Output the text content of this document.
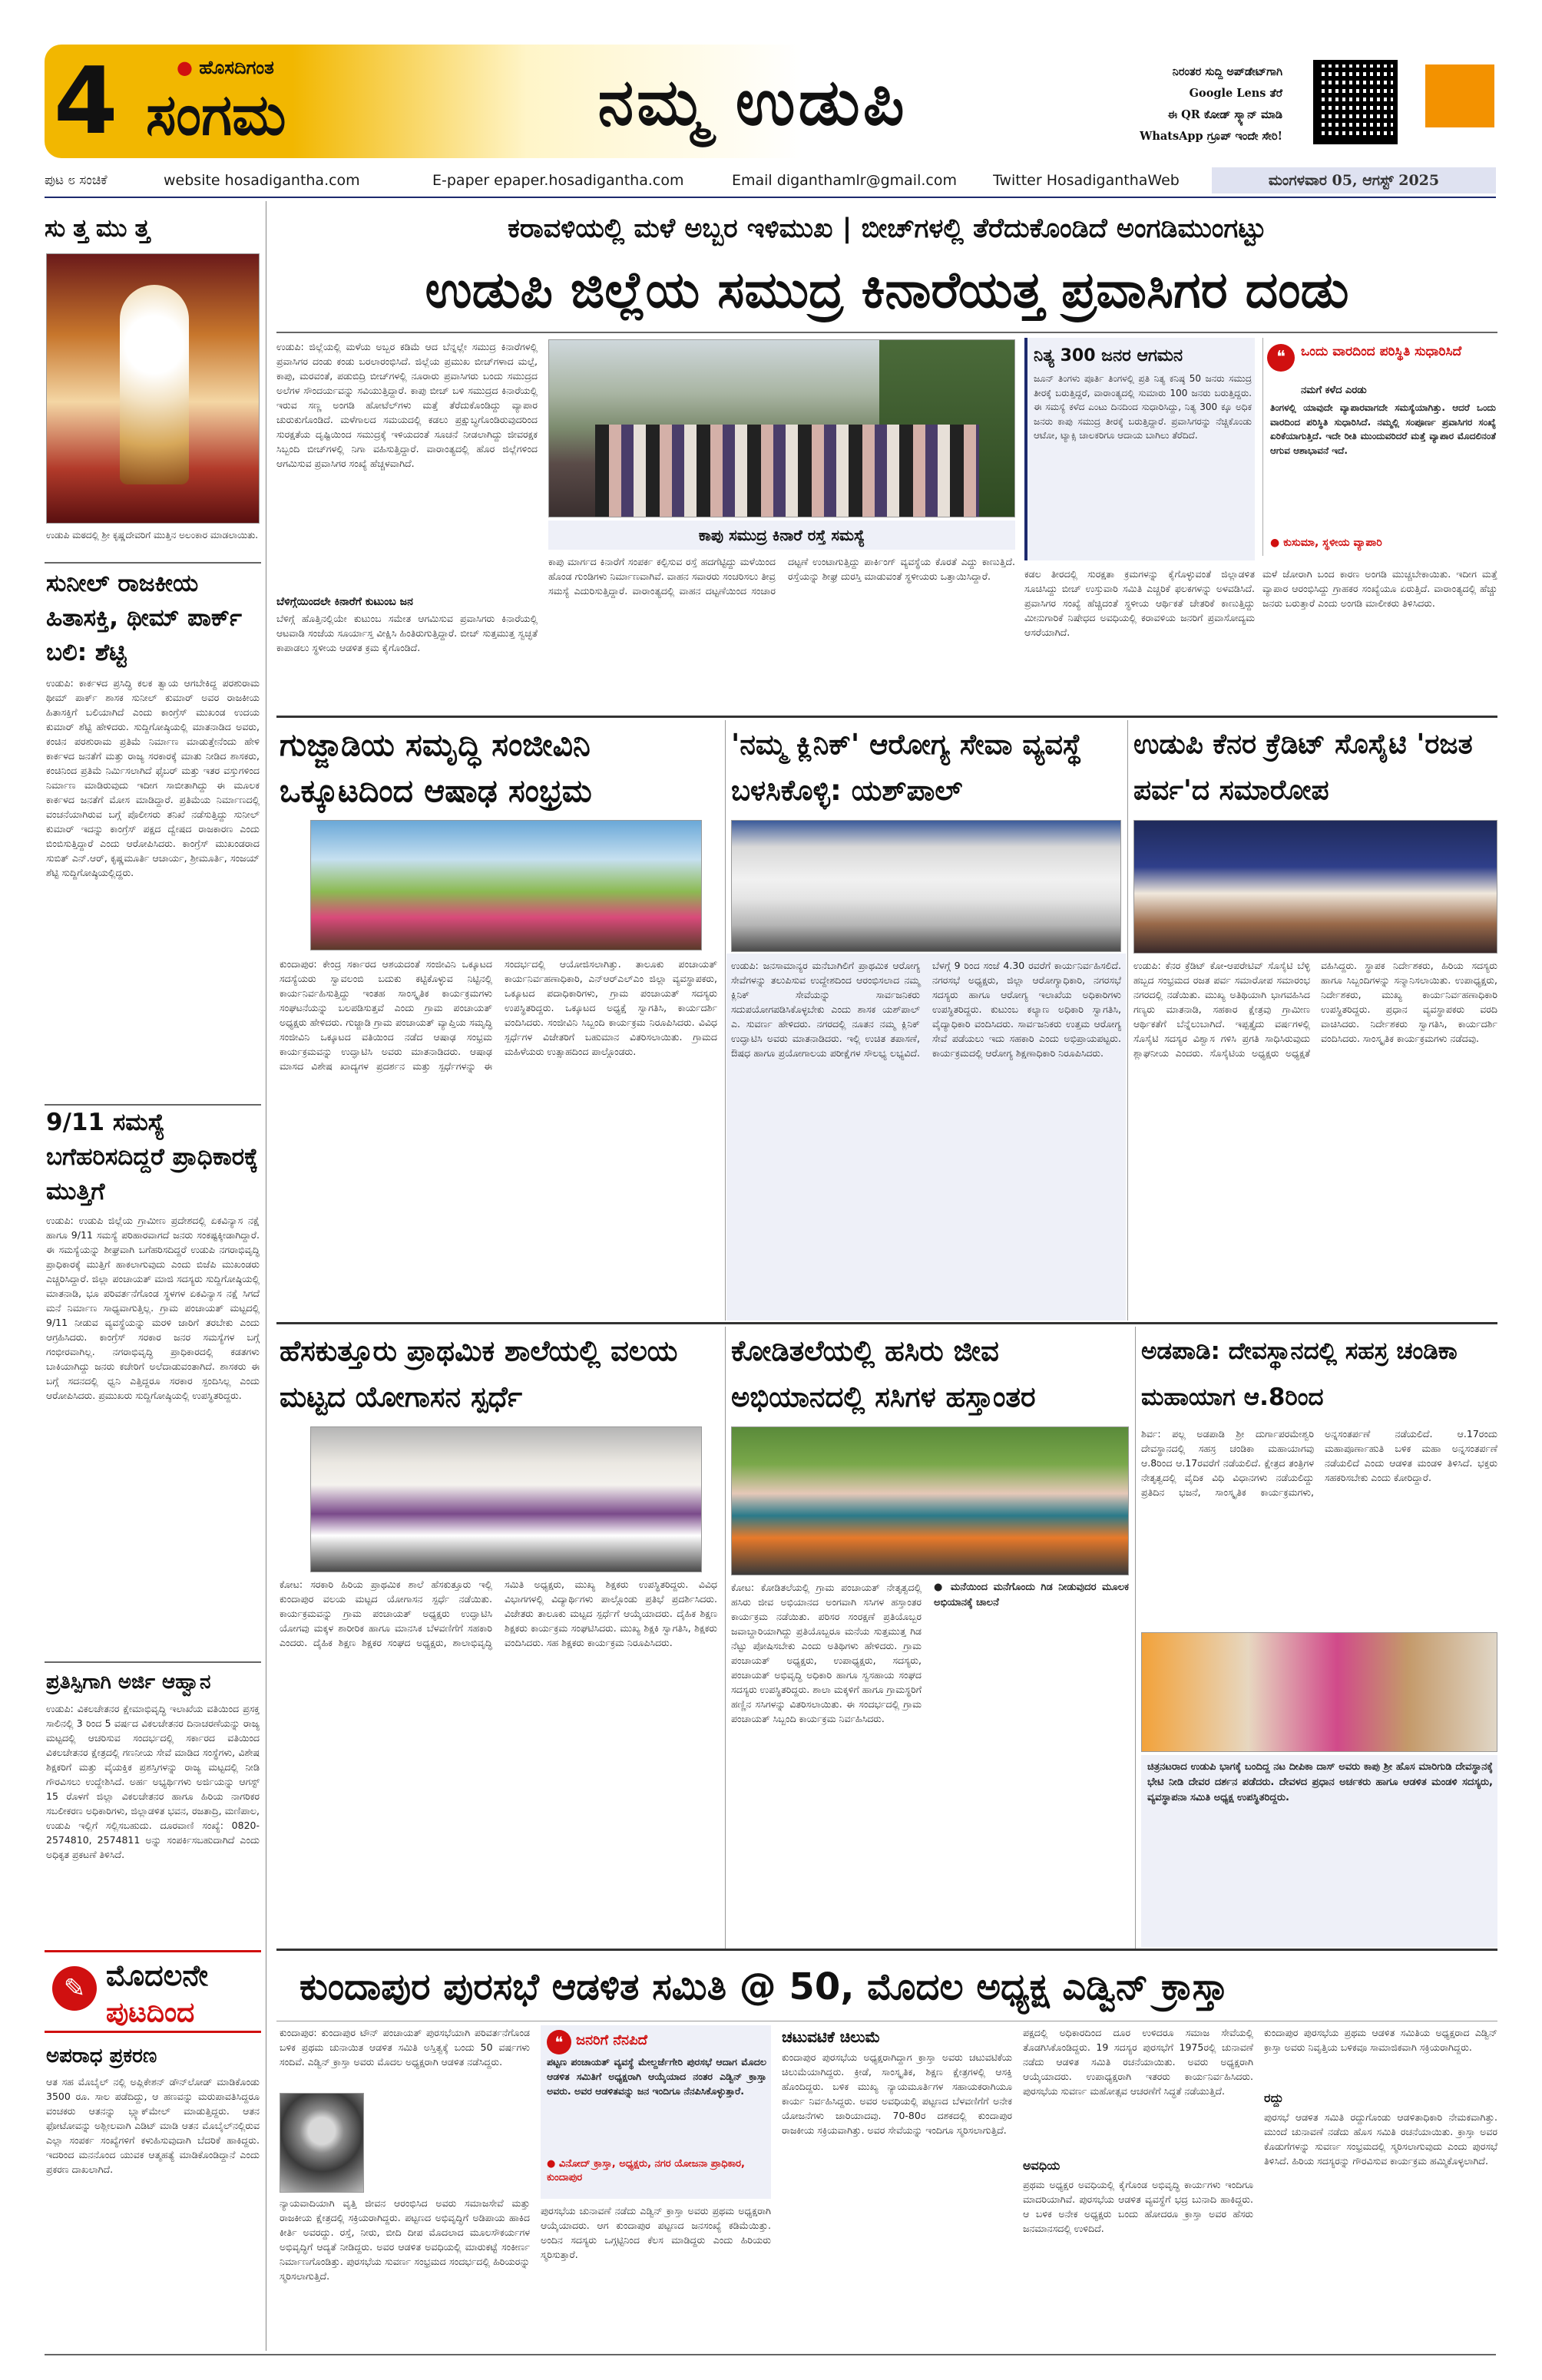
4	● ಹೊಸದಿಗಂತ
ಸಂಗಮ	ನಮ್ಮ ಉಡುಪಿ	ನಿರಂತರ ಸುದ್ದಿ ಅಪ್‌ಡೇಟ್‌ಗಾಗಿ
Google Lens ತೆರೆ
ಈ QR ಕೋಡ್ ಸ್ಕ್ಯಾನ್ ಮಾಡಿ
WhatsApp ಗ್ರೂಪ್ ಇಂದೇ ಸೇರಿ!
ಪುಟ ೮ ಸಂಚಿಕೆ	website hosadigantha.com	E-paper epaper.hosadigantha.com	Email diganthamlr@gmail.com	Twitter HosadiganthaWeb	ಮಂಗಳವಾರ 05, ಆಗಸ್ಟ್ 2025
ಸುತ್ತಮುತ್ತ
ಉಡುಪಿ ಮಠದಲ್ಲಿ ಶ್ರೀ ಕೃಷ್ಣದೇವರಿಗೆ ಮುತ್ತಿನ ಅಲಂಕಾರ ಮಾಡಲಾಯಿತು.
ಸುನೀಲ್ ರಾಜಕೀಯ ಹಿತಾಸಕ್ತಿ, ಥೀಮ್ ಪಾರ್ಕ್ ಬಲಿ: ಶೆಟ್ಟಿ
ಉಡುಪಿ: ಕಾರ್ಕಳದ ಪ್ರಸಿದ್ಧಿ ಕಲಕ ತ್ವಾಯ ಆಗಬೇಕಿದ್ದ ಪರಶುರಾಮ ಥೀಮ್ ಪಾರ್ಕ್ ಶಾಸಕ ಸುನೀಲ್ ಕುಮಾರ್ ಅವರ ರಾಜಕೀಯ ಹಿತಾಸಕ್ತಿಗೆ ಬಲಿಯಾಗಿದೆ ಎಂದು ಕಾಂಗ್ರೆಸ್ ಮುಖಂಡ ಉದಯ ಕುಮಾರ್ ಶೆಟ್ಟಿ ಹೇಳಿದರು. ಸುದ್ದಿಗೋಷ್ಠಿಯಲ್ಲಿ ಮಾತನಾಡಿದ ಅವರು, ಕಂಚಿನ ಪರಶುರಾಮ ಪ್ರತಿಮೆ ನಿರ್ಮಾಣ ಮಾಡುತ್ತೇನೆಂದು ಹೇಳಿ ಕಾರ್ಕಳದ ಜನತೆಗೆ ಮತ್ತು ರಾಜ್ಯ ಸರಕಾರಕ್ಕೆ ಮಾತು ನೀಡಿದ ಶಾಸಕರು, ಕಂಚಿನಿಂದ ಪ್ರತಿಮೆ ನಿರ್ಮಿಸಲಾಗಿದೆ ಫೈಬರ್ ಮತ್ತು ಇತರ ವಸ್ತುಗಳಿಂದ ನಿರ್ಮಾಣ ಮಾಡಿರುವುದು ಇದೀಗ ಸಾಬೀತಾಗಿದ್ದು ಈ ಮೂಲಕ ಕಾರ್ಕಳದ ಜನತೆಗೆ ಮೋಸ ಮಾಡಿದ್ದಾರೆ. ಪ್ರತಿಮೆಯ ನಿರ್ಮಾಣದಲ್ಲಿ ವಂಚನೆಯಾಗಿರುವ ಬಗ್ಗೆ ಪೊಲೀಸರು ತನಿಖೆ ನಡೆಸುತ್ತಿದ್ದು ಸುನೀಲ್ ಕುಮಾರ್ ಇದನ್ನು ಕಾಂಗ್ರೆಸ್ ಪಕ್ಷದ ದ್ವೇಷದ ರಾಜಕಾರಣ ಎಂದು ಬಿಂಬಿಸುತ್ತಿದ್ದಾರೆ ಎಂದು ಆರೋಪಿಸಿದರು. ಕಾಂಗ್ರೆಸ್ ಮುಖಂಡರಾದ ಸುಬಿತ್ ಎನ್.ಆರ್, ಕೃಷ್ಣಮೂರ್ತಿ ಆಚಾರ್ಯ, ಶ್ರೀಮೂರ್ತಿ, ಸಂಜಯ್ ಶೆಟ್ಟಿ ಸುದ್ದಿಗೋಷ್ಠಿಯಲ್ಲಿದ್ದರು.
9/11 ಸಮಸ್ಯೆ ಬಗೆಹರಿಸದಿದ್ದರೆ ಪ್ರಾಧಿಕಾರಕ್ಕೆ ಮುತ್ತಿಗೆ
ಉಡುಪಿ: ಉಡುಪಿ ಜಿಲ್ಲೆಯ ಗ್ರಾಮೀಣ ಪ್ರದೇಶದಲ್ಲಿ ಏಕವಿನ್ಯಾಸ ನಕ್ಷೆ ಹಾಗೂ 9/11 ಸಮಸ್ಯೆ ಪರಿಹಾರವಾಗದೆ ಜನರು ಸಂಕಷ್ಟಕ್ಕೀಡಾಗಿದ್ದಾರೆ. ಈ ಸಮಸ್ಯೆಯನ್ನು ಶೀಘ್ರವಾಗಿ ಬಗೆಹರಿಸದಿದ್ದರೆ ಉಡುಪಿ ನಗರಾಭಿವೃದ್ಧಿ ಪ್ರಾಧಿಕಾರಕ್ಕೆ ಮುತ್ತಿಗೆ ಹಾಕಲಾಗುವುದು ಎಂದು ಬಿಜೆಪಿ ಮುಖಂಡರು ಎಚ್ಚರಿಸಿದ್ದಾರೆ. ಜಿಲ್ಲಾ ಪಂಚಾಯತ್ ಮಾಜಿ ಸದಸ್ಯರು ಸುದ್ದಿಗೋಷ್ಠಿಯಲ್ಲಿ ಮಾತನಾಡಿ, ಭೂ ಪರಿವರ್ತನೆಗೊಂಡ ಸ್ಥಳಗಳ ಏಕವಿನ್ಯಾಸ ನಕ್ಷೆ ಸಿಗದೆ ಮನೆ ನಿರ್ಮಾಣ ಸಾಧ್ಯವಾಗುತ್ತಿಲ್ಲ. ಗ್ರಾಮ ಪಂಚಾಯತ್ ಮಟ್ಟದಲ್ಲಿ 9/11 ನೀಡುವ ವ್ಯವಸ್ಥೆಯನ್ನು ಮರಳಿ ಜಾರಿಗೆ ತರಬೇಕು ಎಂದು ಆಗ್ರಹಿಸಿದರು. ಕಾಂಗ್ರೆಸ್ ಸರಕಾರ ಜನರ ಸಮಸ್ಯೆಗಳ ಬಗ್ಗೆ ಗಂಭೀರವಾಗಿಲ್ಲ. ನಗರಾಭಿವೃದ್ಧಿ ಪ್ರಾಧಿಕಾರದಲ್ಲಿ ಕಡತಗಳು ಬಾಕಿಯಾಗಿದ್ದು ಜನರು ಕಚೇರಿಗೆ ಅಲೆದಾಡುವಂತಾಗಿದೆ. ಶಾಸಕರು ಈ ಬಗ್ಗೆ ಸದನದಲ್ಲಿ ಧ್ವನಿ ಎತ್ತಿದ್ದರೂ ಸರಕಾರ ಸ್ಪಂದಿಸಿಲ್ಲ ಎಂದು ಆರೋಪಿಸಿದರು. ಪ್ರಮುಖರು ಸುದ್ದಿಗೋಷ್ಠಿಯಲ್ಲಿ ಉಪಸ್ಥಿತರಿದ್ದರು.
ಪ್ರತಿಸ್ಪಿಗಾಗಿ ಅರ್ಜಿ ಆಹ್ವಾನ
ಉಡುಪಿ: ವಿಕಲಚೇತನರ ಕ್ಷೇಮಾಭಿವೃದ್ಧಿ ಇಲಾಖೆಯ ವತಿಯಿಂದ ಪ್ರಸಕ್ತ ಸಾಲಿನಲ್ಲಿ 3 ರಿಂದ 5 ವರ್ಷದ ವಿಕಲಚೇತನರ ದಿನಾಚರಣೆಯನ್ನು ರಾಜ್ಯ ಮಟ್ಟದಲ್ಲಿ ಆಚರಿಸುವ ಸಂದರ್ಭದಲ್ಲಿ ಸರ್ಕಾರದ ವತಿಯಿಂದ ವಿಕಲಚೇತನರ ಕ್ಷೇತ್ರದಲ್ಲಿ ಗಣನೀಯ ಸೇವೆ ಮಾಡಿದ ಸಂಸ್ಥೆಗಳು, ವಿಶೇಷ ಶಿಕ್ಷಕರಿಗೆ ಮತ್ತು ವೈಯಕ್ತಿಕ ಪ್ರಶಸ್ತಿಗಳನ್ನು ರಾಜ್ಯ ಮಟ್ಟದಲ್ಲಿ ನೀಡಿ ಗೌರವಿಸಲು ಉದ್ದೇಶಿಸಿದೆ. ಅರ್ಹ ಅಭ್ಯರ್ಥಿಗಳು ಅರ್ಜಿಯನ್ನು ಆಗಸ್ಟ್ 15 ರೊಳಗೆ ಜಿಲ್ಲಾ ವಿಕಲಚೇತನರ ಹಾಗೂ ಹಿರಿಯ ನಾಗರಿಕರ ಸಬಲೀಕರಣ ಅಧಿಕಾರಿಗಳು, ಜಿಲ್ಲಾಡಳಿತ ಭವನ, ರಜತಾದ್ರಿ, ಮಣಿಪಾಲ, ಉಡುಪಿ ಇಲ್ಲಿಗೆ ಸಲ್ಲಿಸಬಹುದು. ದೂರವಾಣಿ ಸಂಖ್ಯೆ: 0820-2574810, 2574811 ಅನ್ನು ಸಂಪರ್ಕಿಸಬಹುದಾಗಿದೆ ಎಂದು ಅಧಿಕೃತ ಪ್ರಕಟಣೆ ತಿಳಿಸಿದೆ.
✎ ಮೊದಲನೇ
ಪುಟದಿಂದ
ಅಪರಾಧ ಪ್ರಕರಣ
ಆತ ಸಹ ಮೊಬೈಲ್ ನಲ್ಲಿ ಅಪ್ಲಿಕೇಶನ್ ಡೌನ್‌ಲೋಡ್ ಮಾಡಿಕೊಂಡು 3500 ರೂ. ಸಾಲ ಪಡೆದಿದ್ದು, ಆ ಹಣವನ್ನು ಮರುಪಾವತಿಸಿದ್ದರೂ ವಂಚಕರು ಆತನನ್ನು ಬ್ಲ್ಯಾಕ್‌ಮೇಲ್ ಮಾಡುತ್ತಿದ್ದರು. ಆತನ ಫೋಟೋವನ್ನು ಅಶ್ಲೀಲವಾಗಿ ಎಡಿಟ್ ಮಾಡಿ ಆತನ ಮೊಬೈಲ್‌ನಲ್ಲಿರುವ ಎಲ್ಲಾ ಸಂಪರ್ಕ ಸಂಖ್ಯೆಗಳಿಗೆ ಕಳುಹಿಸುವುದಾಗಿ ಬೆದರಿಕೆ ಹಾಕಿದ್ದರು. ಇದರಿಂದ ಮನನೊಂದ ಯುವಕ ಆತ್ಮಹತ್ಯೆ ಮಾಡಿಕೊಂಡಿದ್ದಾನೆ ಎಂದು ಪ್ರಕರಣ ದಾಖಲಾಗಿದೆ.
ಕರಾವಳಿಯಲ್ಲಿ ಮಳೆ ಅಬ್ಬರ ಇಳಿಮುಖ | ಬೀಚ್‌ಗಳಲ್ಲಿ ತೆರೆದುಕೊಂಡಿದೆ ಅಂಗಡಿಮುಂಗಟ್ಟು
ಉಡುಪಿ ಜಿಲ್ಲೆಯ ಸಮುದ್ರ ಕಿನಾರೆಯತ್ತ ಪ್ರವಾಸಿಗರ ದಂಡು
ಉಡುಪಿ: ಜಿಲ್ಲೆಯಲ್ಲಿ ಮಳೆಯ ಅಬ್ಬರ ಕಡಿಮೆ ಆದ ಬೆನ್ನಲ್ಲೇ ಸಮುದ್ರ ಕಿನಾರೆಗಳಲ್ಲಿ ಪ್ರವಾಸಿಗರ ದಂಡು ಕಂಡು ಬರಲಾರಂಭಿಸಿದೆ. ಜಿಲ್ಲೆಯ ಪ್ರಮುಖ ಬೀಚ್‌ಗಳಾದ ಮಲ್ಪೆ, ಕಾಪು, ಮರವಂತೆ, ಪಡುಬಿದ್ರಿ ಬೀಚ್‌ಗಳಲ್ಲಿ ನೂರಾರು ಪ್ರವಾಸಿಗರು ಬಂದು ಸಮುದ್ರದ ಅಲೆಗಳ ಸೌಂದರ್ಯವನ್ನು ಸವಿಯುತ್ತಿದ್ದಾರೆ. ಕಾಪು ಬೀಚ್ ಬಳಿ ಸಮುದ್ರದ ಕಿನಾರೆಯಲ್ಲಿ ಇರುವ ಸಣ್ಣ ಅಂಗಡಿ ಹೋಟೆಲ್‌ಗಳು ಮತ್ತೆ ತೆರೆದುಕೊಂಡಿದ್ದು ವ್ಯಾಪಾರ ಚುರುಕುಗೊಂಡಿದೆ. ಮಳೆಗಾಲದ ಸಮಯದಲ್ಲಿ ಕಡಲು ಪ್ರಕ್ಷುಬ್ಧಗೊಂಡಿರುವುದರಿಂದ ಸುರಕ್ಷತೆಯ ದೃಷ್ಟಿಯಿಂದ ಸಮುದ್ರಕ್ಕೆ ಇಳಿಯದಂತೆ ಸೂಚನೆ ನೀಡಲಾಗಿದ್ದು ಜೀವರಕ್ಷಕ ಸಿಬ್ಬಂದಿ ಬೀಚ್‌ಗಳಲ್ಲಿ ನಿಗಾ ವಹಿಸುತ್ತಿದ್ದಾರೆ. ವಾರಾಂತ್ಯದಲ್ಲಿ ಹೊರ ಜಿಲ್ಲೆಗಳಿಂದ ಆಗಮಿಸುವ ಪ್ರವಾಸಿಗರ ಸಂಖ್ಯೆ ಹೆಚ್ಚಳವಾಗಿದೆ.
ಬೆಳಿಗ್ಗೆಯಿಂದಲೇ ಕಿನಾರೆಗೆ ಕುಟುಂಬ ಜನ
ಬೆಳಿಗ್ಗೆ ಹೊತ್ತಿನಲ್ಲಿಯೇ ಕುಟುಂಬ ಸಮೇತ ಆಗಮಿಸುವ ಪ್ರವಾಸಿಗರು ಕಿನಾರೆಯಲ್ಲಿ ಆಟವಾಡಿ ಸಂಜೆಯ ಸೂರ್ಯಾಸ್ತ ವೀಕ್ಷಿಸಿ ಹಿಂತಿರುಗುತ್ತಿದ್ದಾರೆ. ಬೀಚ್ ಸುತ್ತಮುತ್ತ ಸ್ವಚ್ಛತೆ ಕಾಪಾಡಲು ಸ್ಥಳೀಯ ಆಡಳಿತ ಕ್ರಮ ಕೈಗೊಂಡಿದೆ.
ಕಾಪು ಸಮುದ್ರ ಕಿನಾರೆ ರಸ್ತೆ ಸಮಸ್ಯೆ
ಕಾಪು ಮಾರ್ಗದ ಕಿನಾರೆಗೆ ಸಂಪರ್ಕ ಕಲ್ಪಿಸುವ ರಸ್ತೆ ಹದಗೆಟ್ಟಿದ್ದು ಮಳೆಯಿಂದ ಹೊಂಡ ಗುಂಡಿಗಳು ನಿರ್ಮಾಣವಾಗಿವೆ. ವಾಹನ ಸವಾರರು ಸಂಚರಿಸಲು ತೀವ್ರ ಸಮಸ್ಯೆ ಎದುರಿಸುತ್ತಿದ್ದಾರೆ. ವಾರಾಂತ್ಯದಲ್ಲಿ ವಾಹನ ದಟ್ಟಣೆಯಿಂದ ಸಂಚಾರ ದಟ್ಟಣೆ ಉಂಟಾಗುತ್ತಿದ್ದು ಪಾರ್ಕಿಂಗ್ ವ್ಯವಸ್ಥೆಯ ಕೊರತೆ ಎದ್ದು ಕಾಣುತ್ತಿದೆ. ರಸ್ತೆಯನ್ನು ಶೀಘ್ರ ದುರಸ್ತಿ ಮಾಡುವಂತೆ ಸ್ಥಳೀಯರು ಒತ್ತಾಯಿಸಿದ್ದಾರೆ.
ನಿತ್ಯ 300 ಜನರ ಆಗಮನ
ಜೂನ್ ತಿಂಗಳು ಪೂರ್ತಿ ತಿಂಗಳಲ್ಲಿ ಪ್ರತಿ ನಿತ್ಯ ಕನಿಷ್ಠ 50 ಜನರು ಸಮುದ್ರ ತೀರಕ್ಕೆ ಬರುತ್ತಿದ್ದರೆ, ವಾರಾಂತ್ಯದಲ್ಲಿ ಸುಮಾರು 100 ಜನರು ಬರುತ್ತಿದ್ದರು. ಈ ಸಮಸ್ಯೆ ಕಳೆದ ಎಂಟು ದಿನದಿಂದ ಸುಧಾರಿಸಿದ್ದು, ನಿತ್ಯ 300 ಕ್ಕೂ ಅಧಿಕ ಜನರು ಕಾಪು ಸಮುದ್ರ ತೀರಕ್ಕೆ ಬರುತ್ತಿದ್ದಾರೆ. ಪ್ರವಾಸಿಗರನ್ನು ನೆಚ್ಚಿಕೊಂಡು ಆಟೋ, ಟ್ಯಾಕ್ಸಿ ಚಾಲಕರಿಗೂ ಆದಾಯ ಬಾಗಿಲು ತೆರೆದಿದೆ.
ಕಡಲ ತೀರದಲ್ಲಿ ಸುರಕ್ಷತಾ ಕ್ರಮಗಳನ್ನು ಕೈಗೊಳ್ಳುವಂತೆ ಜಿಲ್ಲಾಡಳಿತ ಸೂಚಿಸಿದ್ದು ಬೀಚ್ ಉಸ್ತುವಾರಿ ಸಮಿತಿ ಎಚ್ಚರಿಕೆ ಫಲಕಗಳನ್ನು ಅಳವಡಿಸಿದೆ. ಪ್ರವಾಸಿಗರ ಸಂಖ್ಯೆ ಹೆಚ್ಚಿದಂತೆ ಸ್ಥಳೀಯ ಆರ್ಥಿಕತೆ ಚೇತರಿಕೆ ಕಾಣುತ್ತಿದ್ದು ಮೀನುಗಾರಿಕೆ ನಿಷೇಧದ ಅವಧಿಯಲ್ಲಿ ಕರಾವಳಿಯ ಜನರಿಗೆ ಪ್ರವಾಸೋದ್ಯಮ ಆಸರೆಯಾಗಿದೆ.
❝	ಒಂದು ವಾರದಿಂದ ಪರಿಸ್ಥಿತಿ ಸುಧಾರಿಸಿದೆ
ನಮಗೆ ಕಳೆದ ಎರಡು
ತಿಂಗಳಲ್ಲಿ ಯಾವುದೇ ವ್ಯಾಪಾರವಾಗದೇ ಸಮಸ್ಯೆಯಾಗಿತ್ತು. ಆದರೆ ಒಂದು ವಾರದಿಂದ ಪರಿಸ್ಥಿತಿ ಸುಧಾರಿಸಿದೆ. ನಮ್ಮಲ್ಲಿ ಸಂಪೂರ್ಣ ಪ್ರವಾಸಿಗರ ಸಂಖ್ಯೆ ಏರಿಕೆಯಾಗುತ್ತಿದೆ. ಇದೇ ರೀತಿ ಮುಂದುವರಿದರೆ ಮತ್ತೆ ವ್ಯಾಪಾರ ಮೊದಲಿನಂತೆ ಆಗುವ ಆಶಾಭಾವನೆ ಇದೆ.
● ಕುಸುಮಾ, ಸ್ಥಳೀಯ ವ್ಯಾಪಾರಿ
ಮಳೆ ಜೋರಾಗಿ ಬಂದ ಕಾರಣ ಅಂಗಡಿ ಮುಚ್ಚಬೇಕಾಯಿತು. ಇದೀಗ ಮತ್ತೆ ವ್ಯಾಪಾರ ಆರಂಭಿಸಿದ್ದು ಗ್ರಾಹಕರ ಸಂಖ್ಯೆಯೂ ಏರುತ್ತಿದೆ. ವಾರಾಂತ್ಯದಲ್ಲಿ ಹೆಚ್ಚು ಜನರು ಬರುತ್ತಾರೆ ಎಂದು ಅಂಗಡಿ ಮಾಲೀಕರು ತಿಳಿಸಿದರು.
ಗುಜ್ಜಾಡಿಯ ಸಮೃದ್ಧಿ ಸಂಜೀವಿನಿ ಒಕ್ಕೂಟದಿಂದ ಆಷಾಢ ಸಂಭ್ರಮ
ಕುಂದಾಪುರ: ಕೇಂದ್ರ ಸರ್ಕಾರದ ಆಶಯದಂತೆ ಸಂಜೀವಿನಿ ಒಕ್ಕೂಟದ ಸದಸ್ಯೆಯರು ಸ್ವಾವಲಂಬಿ ಬದುಕು ಕಟ್ಟಿಕೊಳ್ಳುವ ನಿಟ್ಟಿನಲ್ಲಿ ಕಾರ್ಯನಿರ್ವಹಿಸುತ್ತಿದ್ದು ಇಂತಹ ಸಾಂಸ್ಕೃತಿಕ ಕಾರ್ಯಕ್ರಮಗಳು ಸಂಘಟನೆಯನ್ನು ಬಲಪಡಿಸುತ್ತವೆ ಎಂದು ಗ್ರಾಮ ಪಂಚಾಯತ್ ಅಧ್ಯಕ್ಷರು ಹೇಳಿದರು. ಗುಜ್ಜಾಡಿ ಗ್ರಾಮ ಪಂಚಾಯತ್ ವ್ಯಾಪ್ತಿಯ ಸಮೃದ್ಧಿ ಸಂಜೀವಿನಿ ಒಕ್ಕೂಟದ ವತಿಯಿಂದ ನಡೆದ ಆಷಾಢ ಸಂಭ್ರಮ ಕಾರ್ಯಕ್ರಮವನ್ನು ಉದ್ಘಾಟಿಸಿ ಅವರು ಮಾತನಾಡಿದರು. ಆಷಾಢ ಮಾಸದ ವಿಶೇಷ ಖಾದ್ಯಗಳ ಪ್ರದರ್ಶನ ಮತ್ತು ಸ್ಪರ್ಧೆಗಳನ್ನು ಈ ಸಂದರ್ಭದಲ್ಲಿ ಆಯೋಜಿಸಲಾಗಿತ್ತು. ತಾಲೂಕು ಪಂಚಾಯತ್ ಕಾರ್ಯನಿರ್ವಹಣಾಧಿಕಾರಿ, ಎನ್‌ಆರ್‌ಎಲ್‌ಎಂ ಜಿಲ್ಲಾ ವ್ಯವಸ್ಥಾಪಕರು, ಒಕ್ಕೂಟದ ಪದಾಧಿಕಾರಿಗಳು, ಗ್ರಾಮ ಪಂಚಾಯತ್ ಸದಸ್ಯರು ಉಪಸ್ಥಿತರಿದ್ದರು. ಒಕ್ಕೂಟದ ಅಧ್ಯಕ್ಷೆ ಸ್ವಾಗತಿಸಿ, ಕಾರ್ಯದರ್ಶಿ ವಂದಿಸಿದರು. ಸಂಜೀವಿನಿ ಸಿಬ್ಬಂದಿ ಕಾರ್ಯಕ್ರಮ ನಿರೂಪಿಸಿದರು. ವಿವಿಧ ಸ್ಪರ್ಧೆಗಳ ವಿಜೇತರಿಗೆ ಬಹುಮಾನ ವಿತರಿಸಲಾಯಿತು. ಗ್ರಾಮದ ಮಹಿಳೆಯರು ಉತ್ಸಾಹದಿಂದ ಪಾಲ್ಗೊಂಡರು.
'ನಮ್ಮ ಕ್ಲಿನಿಕ್' ಆರೋಗ್ಯ ಸೇವಾ ವ್ಯವಸ್ಥೆ ಬಳಸಿಕೊಳ್ಳಿ: ಯಶ್‌ಪಾಲ್
ಉಡುಪಿ: ಜನಸಾಮಾನ್ಯರ ಮನೆಬಾಗಿಲಿಗೆ ಪ್ರಾಥಮಿಕ ಆರೋಗ್ಯ ಸೇವೆಗಳನ್ನು ತಲುಪಿಸುವ ಉದ್ದೇಶದಿಂದ ಆರಂಭಿಸಲಾದ ನಮ್ಮ ಕ್ಲಿನಿಕ್ ಸೇವೆಯನ್ನು ಸಾರ್ವಜನಿಕರು ಸದುಪಯೋಗಪಡಿಸಿಕೊಳ್ಳಬೇಕು ಎಂದು ಶಾಸಕ ಯಶ್‌ಪಾಲ್ ಎ. ಸುವರ್ಣ ಹೇಳಿದರು. ನಗರದಲ್ಲಿ ನೂತನ ನಮ್ಮ ಕ್ಲಿನಿಕ್ ಉದ್ಘಾಟಿಸಿ ಅವರು ಮಾತನಾಡಿದರು. ಇಲ್ಲಿ ಉಚಿತ ತಪಾಸಣೆ, ಔಷಧ ಹಾಗೂ ಪ್ರಯೋಗಾಲಯ ಪರೀಕ್ಷೆಗಳ ಸೌಲಭ್ಯ ಲಭ್ಯವಿದೆ. ಬೆಳಗ್ಗೆ 9 ರಿಂದ ಸಂಜೆ 4.30 ರವರೆಗೆ ಕಾರ್ಯನಿರ್ವಹಿಸಲಿದೆ. ನಗರಸಭೆ ಅಧ್ಯಕ್ಷರು, ಜಿಲ್ಲಾ ಆರೋಗ್ಯಾಧಿಕಾರಿ, ನಗರಸಭೆ ಸದಸ್ಯರು ಹಾಗೂ ಆರೋಗ್ಯ ಇಲಾಖೆಯ ಅಧಿಕಾರಿಗಳು ಉಪಸ್ಥಿತರಿದ್ದರು. ಕುಟುಂಬ ಕಲ್ಯಾಣ ಅಧಿಕಾರಿ ಸ್ವಾಗತಿಸಿ, ವೈದ್ಯಾಧಿಕಾರಿ ವಂದಿಸಿದರು. ಸಾರ್ವಜನಿಕರು ಉತ್ತಮ ಆರೋಗ್ಯ ಸೇವೆ ಪಡೆಯಲು ಇದು ಸಹಕಾರಿ ಎಂದು ಅಭಿಪ್ರಾಯಪಟ್ಟರು. ಕಾರ್ಯಕ್ರಮದಲ್ಲಿ ಆರೋಗ್ಯ ಶಿಕ್ಷಣಾಧಿಕಾರಿ ನಿರೂಪಿಸಿದರು.
ಉಡುಪಿ ಕೆನರ ಕ್ರೆಡಿಟ್ ಸೊಸೈಟಿ 'ರಜತ ಪರ್ವ'ದ ಸಮಾರೋಪ
ಉಡುಪಿ: ಕೆನರ ಕ್ರೆಡಿಟ್ ಕೋ-ಆಪರೇಟಿವ್ ಸೊಸೈಟಿ ಬೆಳ್ಳಿ ಹಬ್ಬದ ಸಂಭ್ರಮದ ರಜತ ಪರ್ವ ಸಮಾರೋಪ ಸಮಾರಂಭ ನಗರದಲ್ಲಿ ನಡೆಯಿತು. ಮುಖ್ಯ ಅತಿಥಿಯಾಗಿ ಭಾಗವಹಿಸಿದ ಗಣ್ಯರು ಮಾತನಾಡಿ, ಸಹಕಾರ ಕ್ಷೇತ್ರವು ಗ್ರಾಮೀಣ ಆರ್ಥಿಕತೆಗೆ ಬೆನ್ನೆಲುಬಾಗಿದೆ. ಇಪ್ಪತ್ತೈದು ವರ್ಷಗಳಲ್ಲಿ ಸೊಸೈಟಿ ಸದಸ್ಯರ ವಿಶ್ವಾಸ ಗಳಿಸಿ ಪ್ರಗತಿ ಸಾಧಿಸಿರುವುದು ಶ್ಲಾಘನೀಯ ಎಂದರು. ಸೊಸೈಟಿಯ ಅಧ್ಯಕ್ಷರು ಅಧ್ಯಕ್ಷತೆ ವಹಿಸಿದ್ದರು. ಸ್ಥಾಪಕ ನಿರ್ದೇಶಕರು, ಹಿರಿಯ ಸದಸ್ಯರು ಹಾಗೂ ಸಿಬ್ಬಂದಿಗಳನ್ನು ಸನ್ಮಾನಿಸಲಾಯಿತು. ಉಪಾಧ್ಯಕ್ಷರು, ನಿರ್ದೇಶಕರು, ಮುಖ್ಯ ಕಾರ್ಯನಿರ್ವಹಣಾಧಿಕಾರಿ ಉಪಸ್ಥಿತರಿದ್ದರು. ಪ್ರಧಾನ ವ್ಯವಸ್ಥಾಪಕರು ವರದಿ ವಾಚಿಸಿದರು. ನಿರ್ದೇಶಕರು ಸ್ವಾಗತಿಸಿ, ಕಾರ್ಯದರ್ಶಿ ವಂದಿಸಿದರು. ಸಾಂಸ್ಕೃತಿಕ ಕಾರ್ಯಕ್ರಮಗಳು ನಡೆದವು.
ಹೆಸಕುತ್ತೂರು ಪ್ರಾಥಮಿಕ ಶಾಲೆಯಲ್ಲಿ ವಲಯ ಮಟ್ಟದ ಯೋಗಾಸನ ಸ್ಪರ್ಧೆ
ಕೋಟ: ಸರಕಾರಿ ಹಿರಿಯ ಪ್ರಾಥಮಿಕ ಶಾಲೆ ಹೆಸಕುತ್ತೂರು ಇಲ್ಲಿ ಕುಂದಾಪುರ ವಲಯ ಮಟ್ಟದ ಯೋಗಾಸನ ಸ್ಪರ್ಧೆ ನಡೆಯಿತು. ಕಾರ್ಯಕ್ರಮವನ್ನು ಗ್ರಾಮ ಪಂಚಾಯತ್ ಅಧ್ಯಕ್ಷರು ಉದ್ಘಾಟಿಸಿ ಯೋಗವು ಮಕ್ಕಳ ಶಾರೀರಿಕ ಹಾಗೂ ಮಾನಸಿಕ ಬೆಳವಣಿಗೆಗೆ ಸಹಕಾರಿ ಎಂದರು. ದೈಹಿಕ ಶಿಕ್ಷಣ ಶಿಕ್ಷಕರ ಸಂಘದ ಅಧ್ಯಕ್ಷರು, ಶಾಲಾಭಿವೃದ್ಧಿ ಸಮಿತಿ ಅಧ್ಯಕ್ಷರು, ಮುಖ್ಯ ಶಿಕ್ಷಕರು ಉಪಸ್ಥಿತರಿದ್ದರು. ವಿವಿಧ ವಿಭಾಗಗಳಲ್ಲಿ ವಿದ್ಯಾರ್ಥಿಗಳು ಪಾಲ್ಗೊಂಡು ಪ್ರತಿಭೆ ಪ್ರದರ್ಶಿಸಿದರು. ವಿಜೇತರು ತಾಲೂಕು ಮಟ್ಟದ ಸ್ಪರ್ಧೆಗೆ ಆಯ್ಕೆಯಾದರು. ದೈಹಿಕ ಶಿಕ್ಷಣ ಶಿಕ್ಷಕರು ಕಾರ್ಯಕ್ರಮ ಸಂಘಟಿಸಿದರು. ಮುಖ್ಯ ಶಿಕ್ಷಕಿ ಸ್ವಾಗತಿಸಿ, ಶಿಕ್ಷಕರು ವಂದಿಸಿದರು. ಸಹ ಶಿಕ್ಷಕರು ಕಾರ್ಯಕ್ರಮ ನಿರೂಪಿಸಿದರು.
ಕೋಡಿತಲೆಯಲ್ಲಿ ಹಸಿರು ಜೀವ ಅಭಿಯಾನದಲ್ಲಿ ಸಸಿಗಳ ಹಸ್ತಾಂತರ
ಕೋಟ: ಕೋಡಿತಲೆಯಲ್ಲಿ ಗ್ರಾಮ ಪಂಚಾಯತ್ ನೇತೃತ್ವದಲ್ಲಿ ಹಸಿರು ಜೀವ ಅಭಿಯಾನದ ಅಂಗವಾಗಿ ಸಸಿಗಳ ಹಸ್ತಾಂತರ ಕಾರ್ಯಕ್ರಮ ನಡೆಯಿತು. ಪರಿಸರ ಸಂರಕ್ಷಣೆ ಪ್ರತಿಯೊಬ್ಬರ ಜವಾಬ್ದಾರಿಯಾಗಿದ್ದು ಪ್ರತಿಯೊಬ್ಬರೂ ಮನೆಯ ಸುತ್ತಮುತ್ತ ಗಿಡ ನೆಟ್ಟು ಪೋಷಿಸಬೇಕು ಎಂದು ಅತಿಥಿಗಳು ಹೇಳಿದರು. ಗ್ರಾಮ ಪಂಚಾಯತ್ ಅಧ್ಯಕ್ಷರು, ಉಪಾಧ್ಯಕ್ಷರು, ಸದಸ್ಯರು, ಪಂಚಾಯತ್ ಅಭಿವೃದ್ಧಿ ಅಧಿಕಾರಿ ಹಾಗೂ ಸ್ವಸಹಾಯ ಸಂಘದ ಸದಸ್ಯರು ಉಪಸ್ಥಿತರಿದ್ದರು. ಶಾಲಾ ಮಕ್ಕಳಿಗೆ ಹಾಗೂ ಗ್ರಾಮಸ್ಥರಿಗೆ ಹಣ್ಣಿನ ಸಸಿಗಳನ್ನು ವಿತರಿಸಲಾಯಿತು. ಈ ಸಂದರ್ಭದಲ್ಲಿ ಗ್ರಾಮ ಪಂಚಾಯತ್ ಸಿಬ್ಬಂದಿ ಕಾರ್ಯಕ್ರಮ ನಿರ್ವಹಿಸಿದರು.
● ಮನೆಯಿಂದ ಮನೆಗೊಂದು ಗಿಡ ನೀಡುವುದರ ಮೂಲಕ ಅಭಿಯಾನಕ್ಕೆ ಚಾಲನೆ
ಅಡಪಾಡಿ: ದೇವಸ್ಥಾನದಲ್ಲಿ ಸಹಸ್ರ ಚಂಡಿಕಾ ಮಹಾಯಾಗ ಆ.8ರಿಂದ
ಶಿರ್ವ: ಪಲ್ಲ ಅಡಪಾಡಿ ಶ್ರೀ ದುರ್ಗಾಪರಮೇಶ್ವರಿ ದೇವಸ್ಥಾನದಲ್ಲಿ ಸಹಸ್ರ ಚಂಡಿಕಾ ಮಹಾಯಾಗವು ಆ.8ರಿಂದ ಆ.17ರವರೆಗೆ ನಡೆಯಲಿದೆ. ಕ್ಷೇತ್ರದ ತಂತ್ರಿಗಳ ನೇತೃತ್ವದಲ್ಲಿ ವೈದಿಕ ವಿಧಿ ವಿಧಾನಗಳು ನಡೆಯಲಿದ್ದು ಪ್ರತಿದಿನ ಭಜನೆ, ಸಾಂಸ್ಕೃತಿಕ ಕಾರ್ಯಕ್ರಮಗಳು, ಅನ್ನಸಂತರ್ಪಣೆ ನಡೆಯಲಿದೆ. ಆ.17ರಂದು ಮಹಾಪೂರ್ಣಾಹುತಿ ಬಳಿಕ ಮಹಾ ಅನ್ನಸಂತರ್ಪಣೆ ನಡೆಯಲಿದೆ ಎಂದು ಆಡಳಿತ ಮಂಡಳಿ ತಿಳಿಸಿದೆ. ಭಕ್ತರು ಸಹಕರಿಸಬೇಕು ಎಂದು ಕೋರಿದ್ದಾರೆ.
ಚಿತ್ರನಟರಾದ ಉಡುಪಿ ಭಾಗಕ್ಕೆ ಬಂದಿದ್ದ ನಟ ದೀಪಿಕಾ ದಾಸ್ ಅವರು ಕಾಪು ಶ್ರೀ ಹೊಸ ಮಾರಿಗುಡಿ ದೇವಸ್ಥಾನಕ್ಕೆ ಭೇಟಿ ನೀಡಿ ದೇವರ ದರ್ಶನ ಪಡೆದರು. ದೇವಳದ ಪ್ರಧಾನ ಅರ್ಚಕರು ಹಾಗೂ ಆಡಳಿತ ಮಂಡಳಿ ಸದಸ್ಯರು, ವ್ಯವಸ್ಥಾಪನಾ ಸಮಿತಿ ಅಧ್ಯಕ್ಷ ಉಪಸ್ಥಿತರಿದ್ದರು.
ಕುಂದಾಪುರ ಪುರಸಭೆ ಆಡಳಿತ ಸಮಿತಿ @ 50, ಮೊದಲ ಅಧ್ಯಕ್ಷ ಎಡ್ವಿನ್ ಕ್ರಾಸ್ತಾ
ಕುಂದಾಪುರ: ಕುಂದಾಪುರ ಟೌನ್ ಪಂಚಾಯತ್ ಪುರಸಭೆಯಾಗಿ ಪರಿವರ್ತನೆಗೊಂಡ ಬಳಿಕ ಪ್ರಥಮ ಚುನಾಯಿತ ಆಡಳಿತ ಸಮಿತಿ ಅಸ್ತಿತ್ವಕ್ಕೆ ಬಂದು 50 ವರ್ಷಗಳು ಸಂದಿವೆ. ಎಡ್ವಿನ್ ಕ್ರಾಸ್ತಾ ಅವರು ಮೊದಲ ಅಧ್ಯಕ್ಷರಾಗಿ ಆಡಳಿತ ನಡೆಸಿದ್ದರು.
ನ್ಯಾಯವಾದಿಯಾಗಿ ವೃತ್ತಿ ಜೀವನ ಆರಂಭಿಸಿದ ಅವರು ಸಮಾಜಸೇವೆ ಮತ್ತು ರಾಜಕೀಯ ಕ್ಷೇತ್ರದಲ್ಲಿ ಸಕ್ರಿಯರಾಗಿದ್ದರು. ಪಟ್ಟಣದ ಅಭಿವೃದ್ಧಿಗೆ ಅಡಿಪಾಯ ಹಾಕಿದ ಕೀರ್ತಿ ಅವರದ್ದು. ರಸ್ತೆ, ನೀರು, ಬೀದಿ ದೀಪ ಮೊದಲಾದ ಮೂಲಸೌಕರ್ಯಗಳ ಅಭಿವೃದ್ಧಿಗೆ ಆದ್ಯತೆ ನೀಡಿದ್ದರು. ಅವರ ಆಡಳಿತ ಅವಧಿಯಲ್ಲಿ ಮಾರುಕಟ್ಟೆ ಸಂಕೀರ್ಣ ನಿರ್ಮಾಣಗೊಂಡಿತ್ತು. ಪುರಸಭೆಯ ಸುವರ್ಣ ಸಂಭ್ರಮದ ಸಂದರ್ಭದಲ್ಲಿ ಹಿರಿಯರನ್ನು ಸ್ಮರಿಸಲಾಗುತ್ತಿದೆ.
❝ ಜನರಿಗೆ ನೆನಪಿದೆ
ಪಟ್ಟಣ ಪಂಚಾಯತ್ ವ್ಯವಸ್ಥೆ ಮೇಲ್ದರ್ಜೆಗೇರಿ ಪುರಸಭೆ ಆದಾಗ ಮೊದಲ ಆಡಳಿತ ಸಮಿತಿಗೆ ಅಧ್ಯಕ್ಷರಾಗಿ ಆಯ್ಕೆಯಾದ ನಂತರ ಎಡ್ವಿನ್ ಕ್ರಾಸ್ತಾ ಅವರು. ಅವರ ಆಡಳಿತವನ್ನು ಜನ ಇಂದಿಗೂ ನೆನಪಿಸಿಕೊಳ್ಳುತ್ತಾರೆ.
● ವಿನೋದ್ ಕ್ರಾಸ್ತಾ, ಅಧ್ಯಕ್ಷರು, ನಗರ ಯೋಜನಾ ಪ್ರಾಧಿಕಾರ, ಕುಂದಾಪುರ
ಪುರಸಭೆಯ ಚುನಾವಣೆ ನಡೆದು ಎಡ್ವಿನ್ ಕ್ರಾಸ್ತಾ ಅವರು ಪ್ರಥಮ ಅಧ್ಯಕ್ಷರಾಗಿ ಆಯ್ಕೆಯಾದರು. ಆಗ ಕುಂದಾಪುರ ಪಟ್ಟಣದ ಜನಸಂಖ್ಯೆ ಕಡಿಮೆಯಿತ್ತು. ಅಂದಿನ ಸದಸ್ಯರು ಒಗ್ಗಟ್ಟಿನಿಂದ ಕೆಲಸ ಮಾಡಿದ್ದರು ಎಂದು ಹಿರಿಯರು ಸ್ಮರಿಸುತ್ತಾರೆ.
ಚಟುವಟಿಕೆ ಚಿಲುಮೆ
ಕುಂದಾಪುರ ಪುರಸಭೆಯ ಅಧ್ಯಕ್ಷರಾಗಿದ್ದಾಗ ಕ್ರಾಸ್ತಾ ಅವರು ಚಟುವಟಿಕೆಯ ಚಿಲುಮೆಯಾಗಿದ್ದರು. ಕ್ರೀಡೆ, ಸಾಂಸ್ಕೃತಿಕ, ಶಿಕ್ಷಣ ಕ್ಷೇತ್ರಗಳಲ್ಲಿ ಆಸಕ್ತಿ ಹೊಂದಿದ್ದರು. ಬಳಿಕ ಮುಖ್ಯ ನ್ಯಾಯಮೂರ್ತಿಗಳ ಸಹಾಯಕರಾಗಿಯೂ ಕಾರ್ಯ ನಿರ್ವಹಿಸಿದ್ದರು. ಅವರ ಅವಧಿಯಲ್ಲಿ ಪಟ್ಟಣದ ಬೆಳವಣಿಗೆಗೆ ಅನೇಕ ಯೋಜನೆಗಳು ಜಾರಿಯಾದವು. 70-80ರ ದಶಕದಲ್ಲಿ ಕುಂದಾಪುರ ರಾಜಕೀಯ ಸಕ್ರಿಯವಾಗಿತ್ತು. ಅವರ ಸೇವೆಯನ್ನು ಇಂದಿಗೂ ಸ್ಮರಿಸಲಾಗುತ್ತಿದೆ.
ಪಕ್ಷದಲ್ಲಿ ಅಧಿಕಾರದಿಂದ ದೂರ ಉಳಿದರೂ ಸಮಾಜ ಸೇವೆಯಲ್ಲಿ ತೊಡಗಿಸಿಕೊಂಡಿದ್ದರು. 19 ಸದಸ್ಯರ ಪುರಸಭೆಗೆ 1975ರಲ್ಲಿ ಚುನಾವಣೆ ನಡೆದು ಆಡಳಿತ ಸಮಿತಿ ರಚನೆಯಾಯಿತು. ಅವರು ಅಧ್ಯಕ್ಷರಾಗಿ ಆಯ್ಕೆಯಾದರು. ಉಪಾಧ್ಯಕ್ಷರಾಗಿ ಇತರರು ಕಾರ್ಯನಿರ್ವಹಿಸಿದರು. ಪುರಸಭೆಯ ಸುವರ್ಣ ಮಹೋತ್ಸವ ಆಚರಣೆಗೆ ಸಿದ್ಧತೆ ನಡೆಯುತ್ತಿದೆ.
ಅವಧಿಯ
ಪ್ರಥಮ ಅಧ್ಯಕ್ಷರ ಅವಧಿಯಲ್ಲಿ ಕೈಗೊಂಡ ಅಭಿವೃದ್ಧಿ ಕಾರ್ಯಗಳು ಇಂದಿಗೂ ಮಾದರಿಯಾಗಿವೆ. ಪುರಸಭೆಯ ಆಡಳಿತ ವ್ಯವಸ್ಥೆಗೆ ಭದ್ರ ಬುನಾದಿ ಹಾಕಿದ್ದರು. ಆ ಬಳಿಕ ಅನೇಕ ಅಧ್ಯಕ್ಷರು ಬಂದು ಹೋದರೂ ಕ್ರಾಸ್ತಾ ಅವರ ಹೆಸರು ಜನಮಾನಸದಲ್ಲಿ ಉಳಿದಿದೆ.
ಕುಂದಾಪುರ ಪುರಸಭೆಯ ಪ್ರಥಮ ಆಡಳಿತ ಸಮಿತಿಯ ಅಧ್ಯಕ್ಷರಾದ ಎಡ್ವಿನ್ ಕ್ರಾಸ್ತಾ ಅವರು ನಿವೃತ್ತಿಯ ಬಳಿಕವೂ ಸಾಮಾಜಿಕವಾಗಿ ಸಕ್ರಿಯರಾಗಿದ್ದರು.
ರದ್ದು
ಪುರಸಭೆ ಆಡಳಿತ ಸಮಿತಿ ರದ್ದುಗೊಂಡು ಆಡಳಿತಾಧಿಕಾರಿ ನೇಮಕವಾಗಿತ್ತು. ಮುಂದೆ ಚುನಾವಣೆ ನಡೆದು ಹೊಸ ಸಮಿತಿ ರಚನೆಯಾಯಿತು. ಕ್ರಾಸ್ತಾ ಅವರ ಕೊಡುಗೆಗಳನ್ನು ಸುವರ್ಣ ಸಂಭ್ರಮದಲ್ಲಿ ಸ್ಮರಿಸಲಾಗುವುದು ಎಂದು ಪುರಸಭೆ ತಿಳಿಸಿದೆ. ಹಿರಿಯ ಸದಸ್ಯರನ್ನು ಗೌರವಿಸುವ ಕಾರ್ಯಕ್ರಮ ಹಮ್ಮಿಕೊಳ್ಳಲಾಗಿದೆ.
